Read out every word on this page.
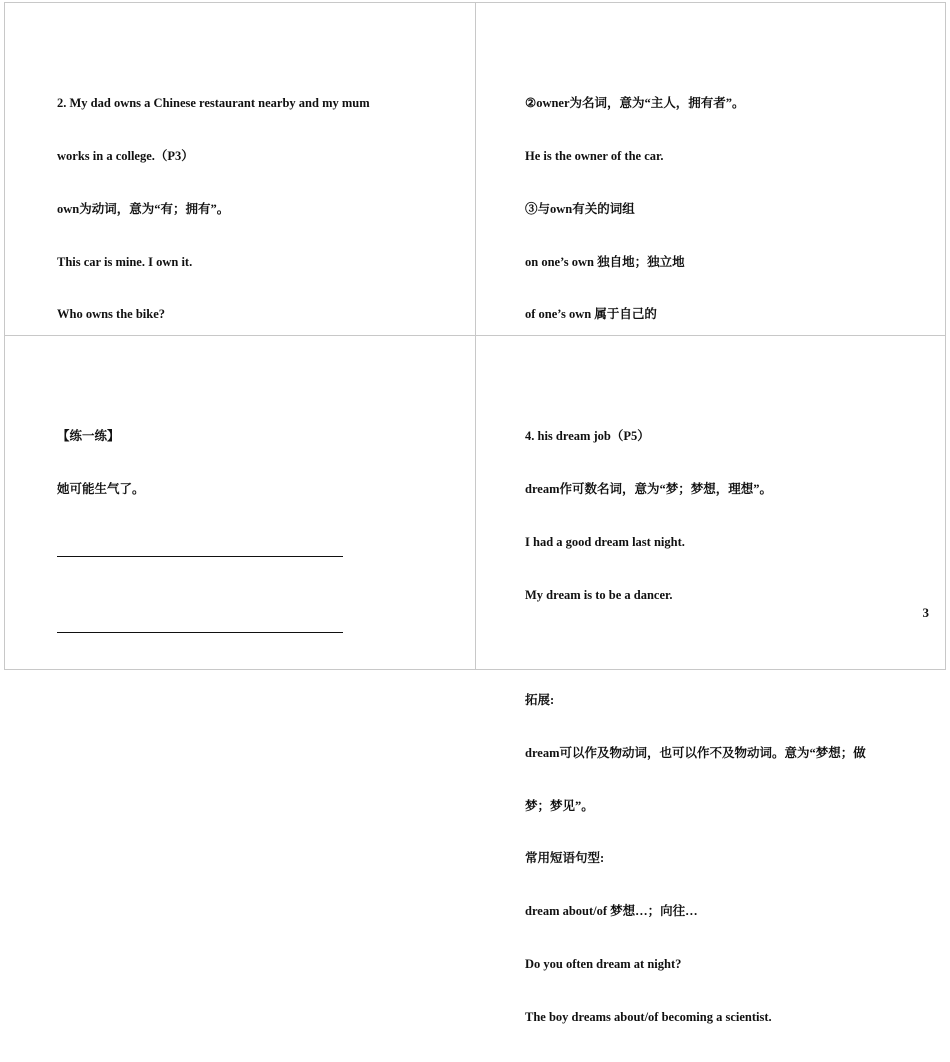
2. My dad owns a Chinese restaurant nearby and my mum

works in a college.（P3）

own为动词，意为“有；拥有”。

This car is mine. I own it.

Who owns the bike?

②owner为名词，意为“主人，拥有者”。

He is the owner of the car.

③与own有关的词组

on one’s own 独自地；独立地

of one’s own 属于自己的

【练一练】

她可能生气了。

4. his dream job（P5）

dream作可数名词，意为“梦；梦想，理想”。

I had a good dream last night.

My dream is to be a dancer.

拓展:

dream可以作及物动词，也可以作不及物动词。意为“梦想；做

梦；梦见”。

常用短语句型:

dream about/of 梦想…；向往…

Do you often dream at night?

The boy dreams about/of becoming a scientist.

3
